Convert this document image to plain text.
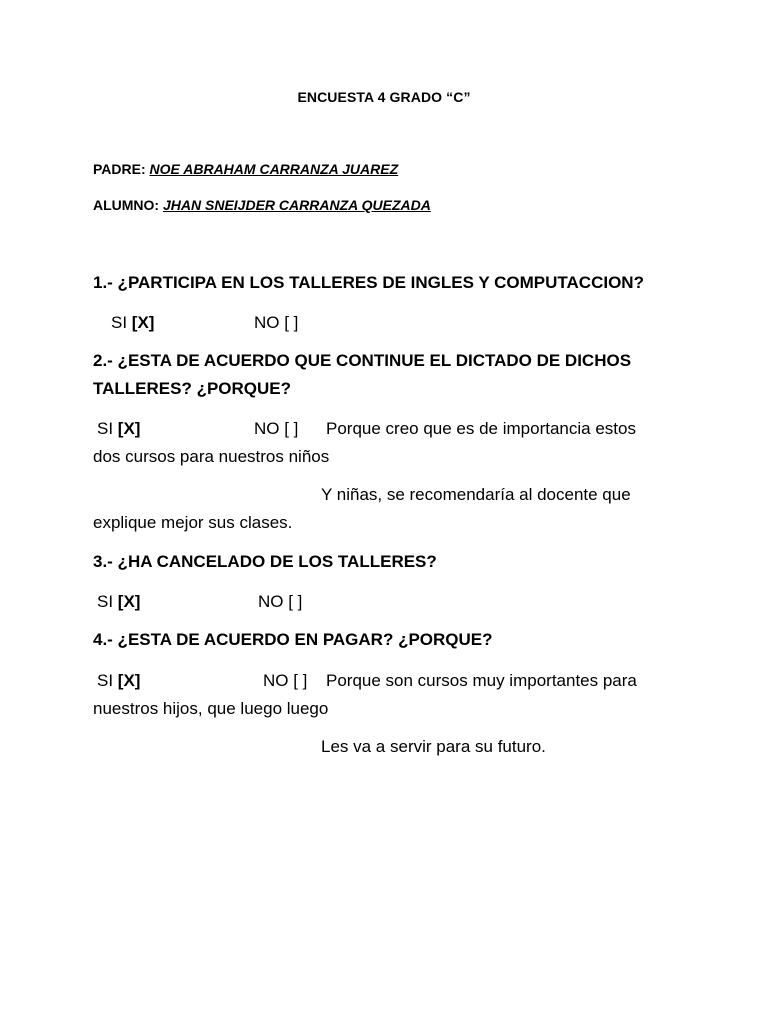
ENCUESTA 4 GRADO “C”
PADRE: NOE ABRAHAM CARRANZA JUAREZ
ALUMNO: JHAN SNEIJDER CARRANZA QUEZADA
1.- ¿PARTICIPA EN LOS TALLERES DE INGLES Y COMPUTACCION?
SI [X]	NO [ ]
2.- ¿ESTA DE ACUERDO QUE CONTINUE EL DICTADO DE DICHOS TALLERES? ¿PORQUE?
SI [X]	NO [ ] Porque creo que es de importancia estos
dos cursos para nuestros niños
Y niñas, se recomendaría al docente que
explique mejor sus clases.
3.- ¿HA CANCELADO DE LOS TALLERES?
SI [X]	NO [ ]
4.- ¿ESTA DE ACUERDO EN PAGAR? ¿PORQUE?
SI [X]	NO [ ] Porque son cursos muy importantes para
nuestros hijos, que luego luego
Les va a servir para su futuro.
